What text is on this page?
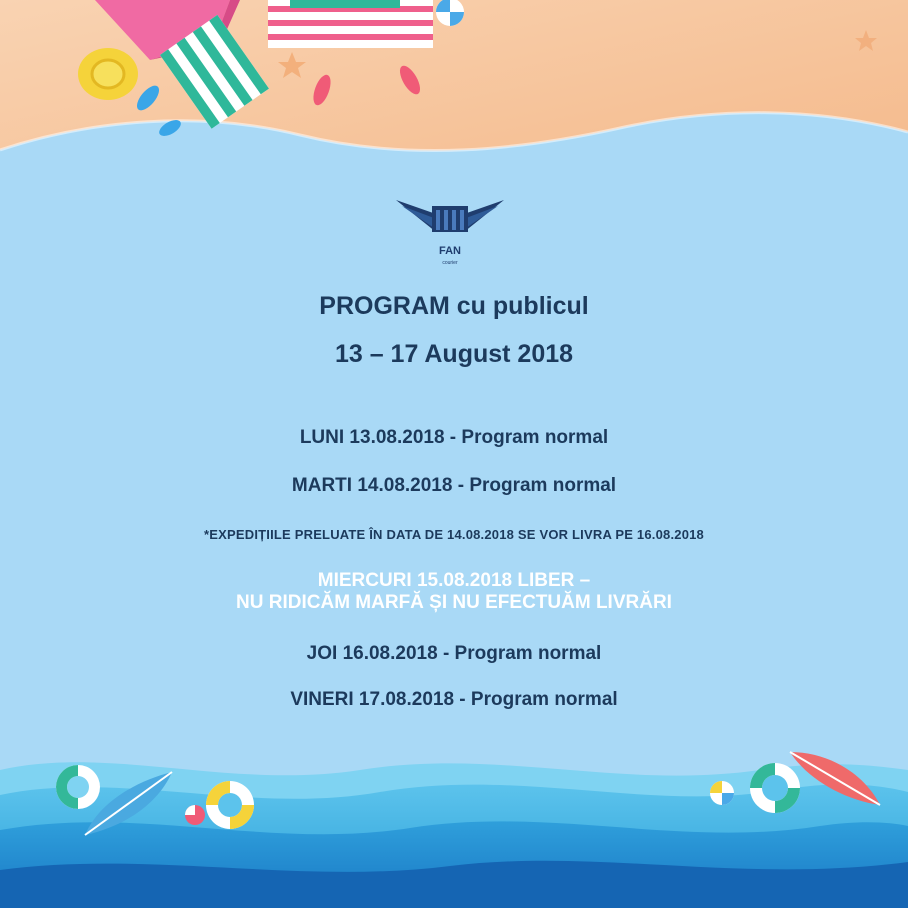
FAN
courier
PROGRAM cu publicul
13 – 17 August 2018
LUNI 13.08.2018 - Program normal
MARTI 14.08.2018 - Program normal
*EXPEDIȚIILE PRELUATE ÎN DATA DE 14.08.2018 SE VOR LIVRA PE 16.08.2018
MIERCURI 15.08.2018 LIBER –
NU RIDICĂM MARFĂ ȘI NU EFECTUĂM LIVRĂRI
JOI 16.08.2018 - Program normal
VINERI 17.08.2018 - Program normal
